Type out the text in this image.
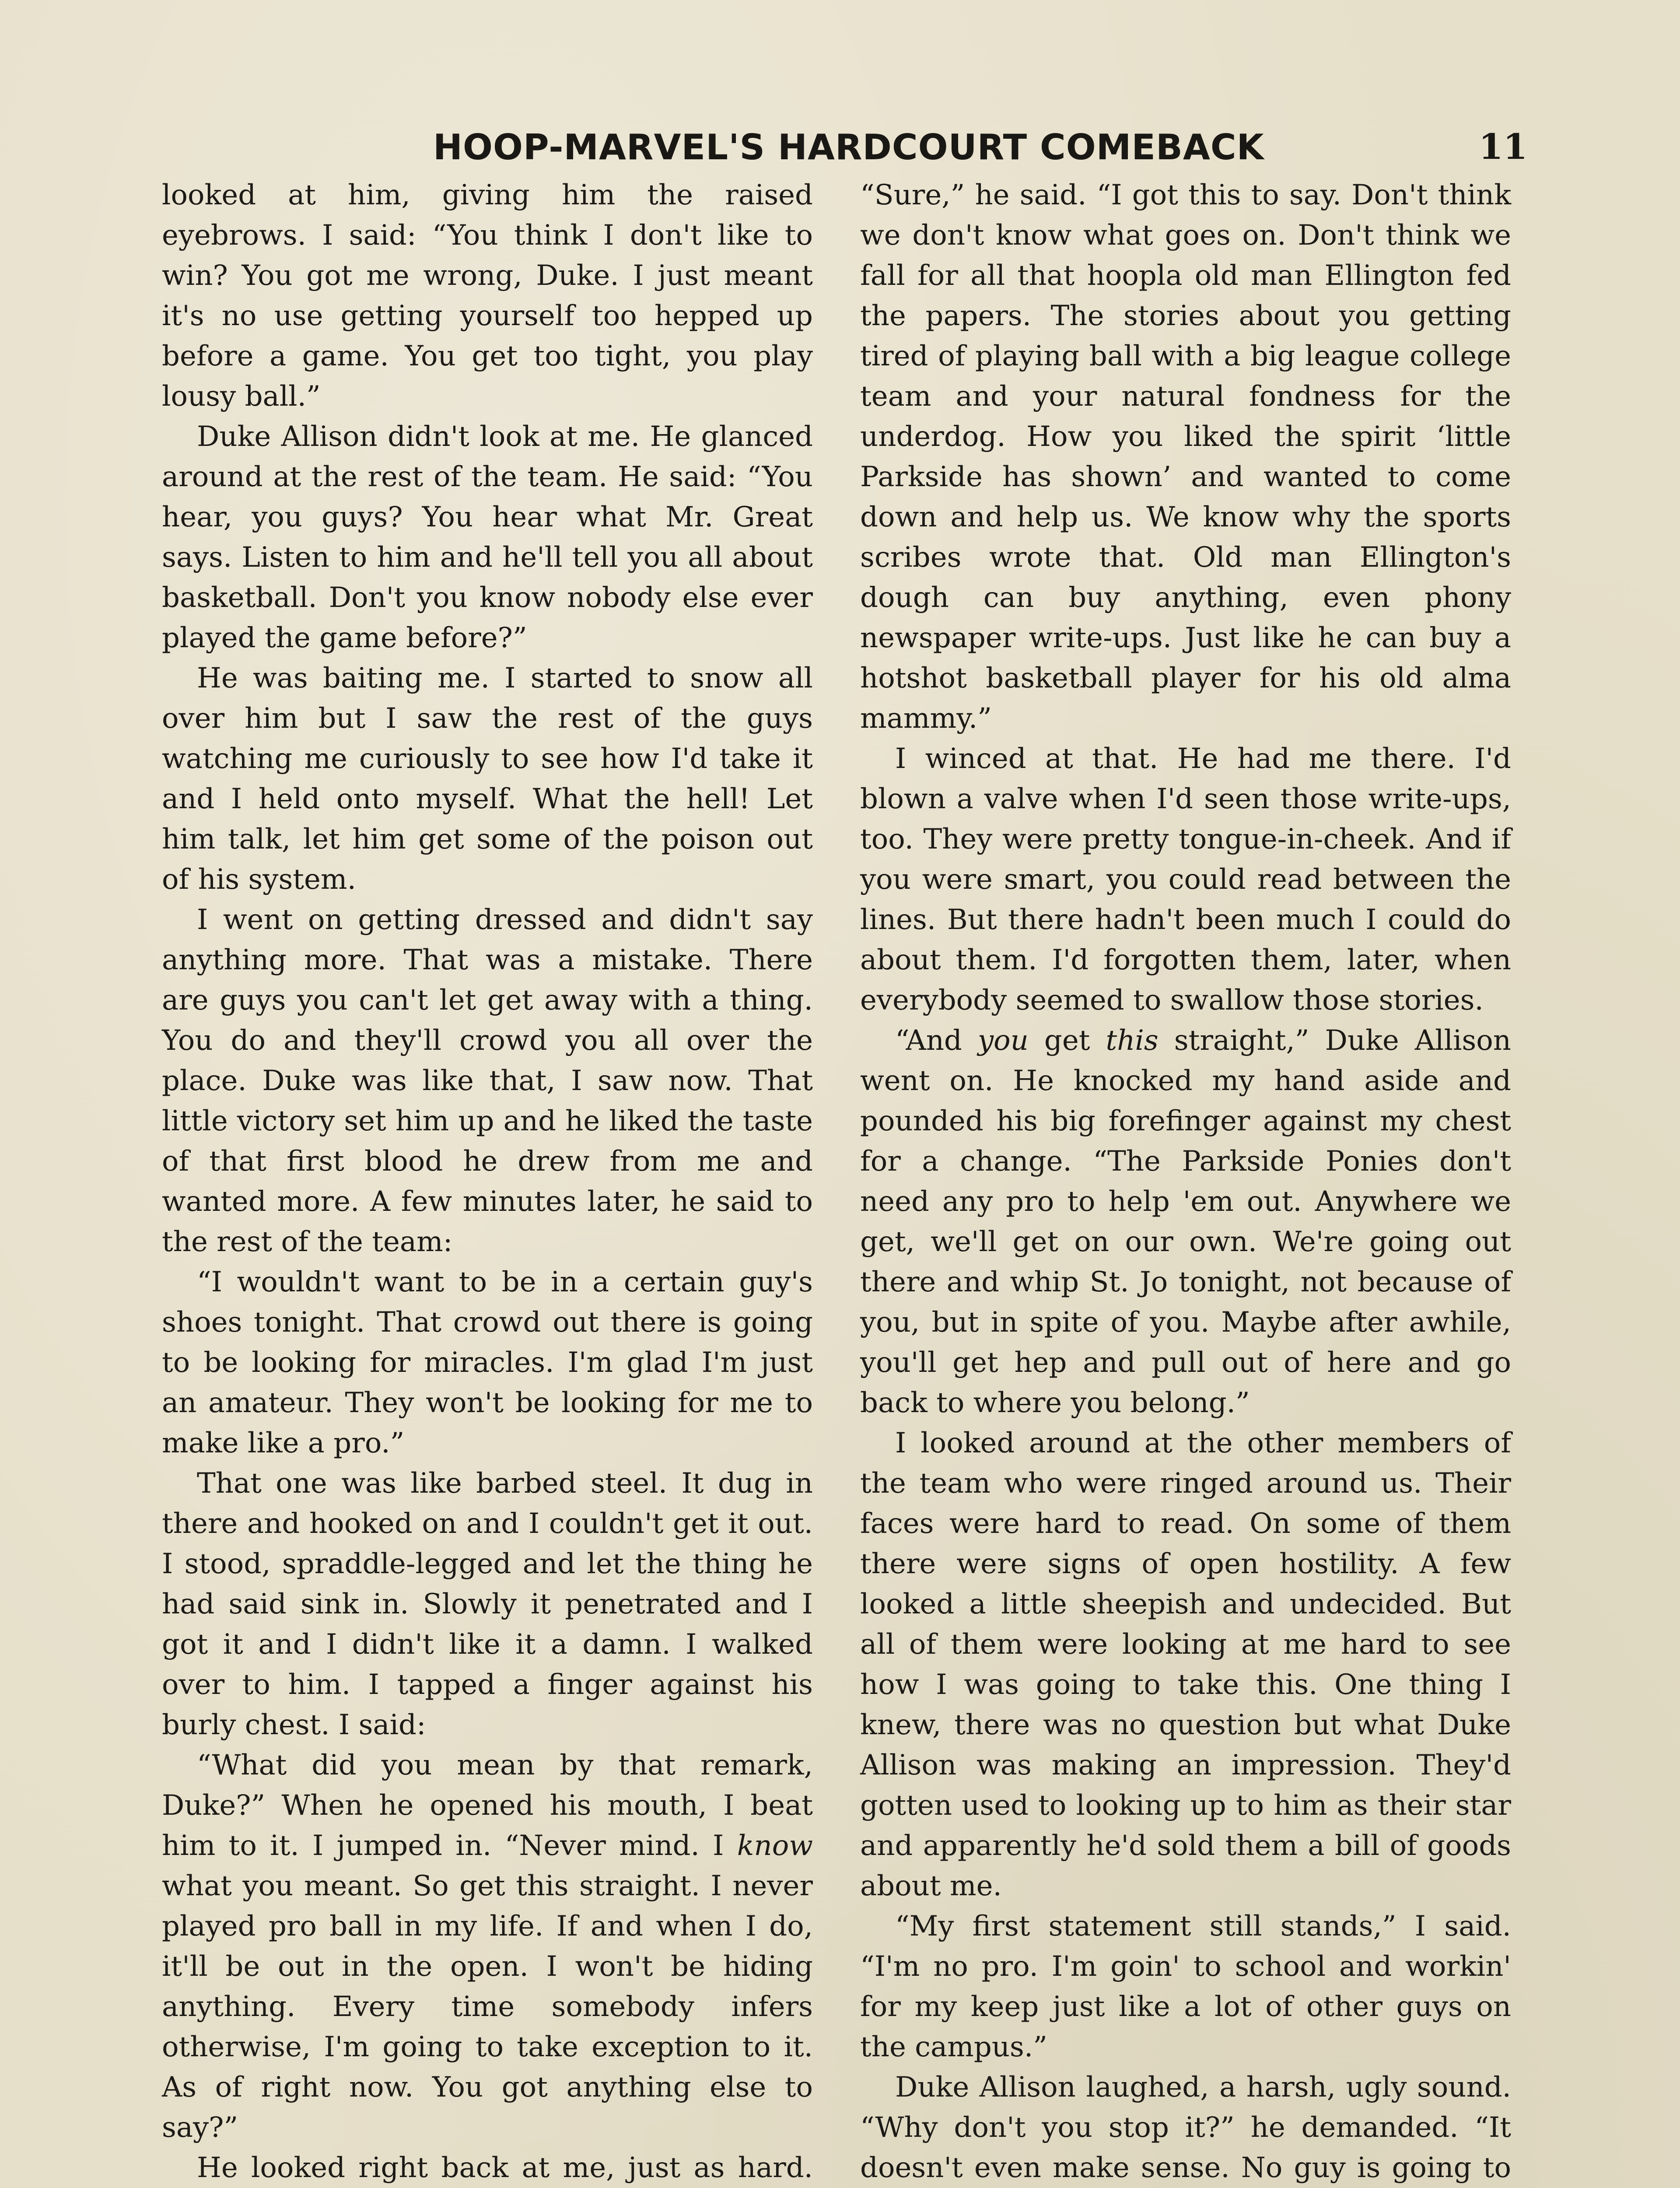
HOOP-MARVEL'S HARDCOURT COMEBACK	11

looked at him, giving him the raised eyebrows. I said: “You think I don't like to win? You got me wrong, Duke. I just meant it's no use getting yourself too hepped up before a game. You get too tight, you play lousy ball.”

Duke Allison didn't look at me. He glanced around at the rest of the team. He said: “You hear, you guys? You hear what Mr. Great says. Listen to him and he'll tell you all about basketball. Don't you know nobody else ever played the game before?”

He was baiting me. I started to snow all over him but I saw the rest of the guys watching me curiously to see how I'd take it and I held onto myself. What the hell! Let him talk, let him get some of the poison out of his system.

I went on getting dressed and didn't say anything more. That was a mistake. There are guys you can't let get away with a thing. You do and they'll crowd you all over the place. Duke was like that, I saw now. That little victory set him up and he liked the taste of that first blood he drew from me and wanted more. A few minutes later, he said to the rest of the team:

“I wouldn't want to be in a certain guy's shoes tonight. That crowd out there is going to be looking for miracles. I'm glad I'm just an amateur. They won't be looking for me to make like a pro.”

That one was like barbed steel. It dug in there and hooked on and I couldn't get it out. I stood, spraddle-legged and let the thing he had said sink in. Slowly it penetrated and I got it and I didn't like it a damn. I walked over to him. I tapped a finger against his burly chest. I said:

“What did you mean by that remark, Duke?” When he opened his mouth, I beat him to it. I jumped in. “Never mind. I know what you meant. So get this straight. I never played pro ball in my life. If and when I do, it'll be out in the open. I won't be hiding anything. Every time somebody infers otherwise, I'm going to take exception to it. As of right now. You got anything else to say?”

He looked right back at me, just as hard.

“Sure,” he said. “I got this to say. Don't think we don't know what goes on. Don't think we fall for all that hoopla old man Ellington fed the papers. The stories about you getting tired of playing ball with a big league college team and your natural fondness for the underdog. How you liked the spirit ‘little Parkside has shown’ and wanted to come down and help us. We know why the sports scribes wrote that. Old man Ellington's dough can buy anything, even phony newspaper write-ups. Just like he can buy a hotshot basketball player for his old alma mammy.”

I winced at that. He had me there. I'd blown a valve when I'd seen those write-ups, too. They were pretty tongue-in-cheek. And if you were smart, you could read between the lines. But there hadn't been much I could do about them. I'd forgotten them, later, when everybody seemed to swallow those stories.

“And you get this straight,” Duke Allison went on. He knocked my hand aside and pounded his big forefinger against my chest for a change. “The Parkside Ponies don't need any pro to help 'em out. Anywhere we get, we'll get on our own. We're going out there and whip St. Jo tonight, not because of you, but in spite of you. Maybe after awhile, you'll get hep and pull out of here and go back to where you belong.”

I looked around at the other members of the team who were ringed around us. Their faces were hard to read. On some of them there were signs of open hostility. A few looked a little sheepish and undecided. But all of them were looking at me hard to see how I was going to take this. One thing I knew, there was no question but what Duke Allison was making an impression. They'd gotten used to looking up to him as their star and apparently he'd sold them a bill of goods about me.

“My first statement still stands,” I said. “I'm no pro. I'm goin' to school and workin' for my keep just like a lot of other guys on the campus.”

Duke Allison laughed, a harsh, ugly sound. “Why don't you stop it?” he demanded. “It doesn't even make sense. No guy is going to
